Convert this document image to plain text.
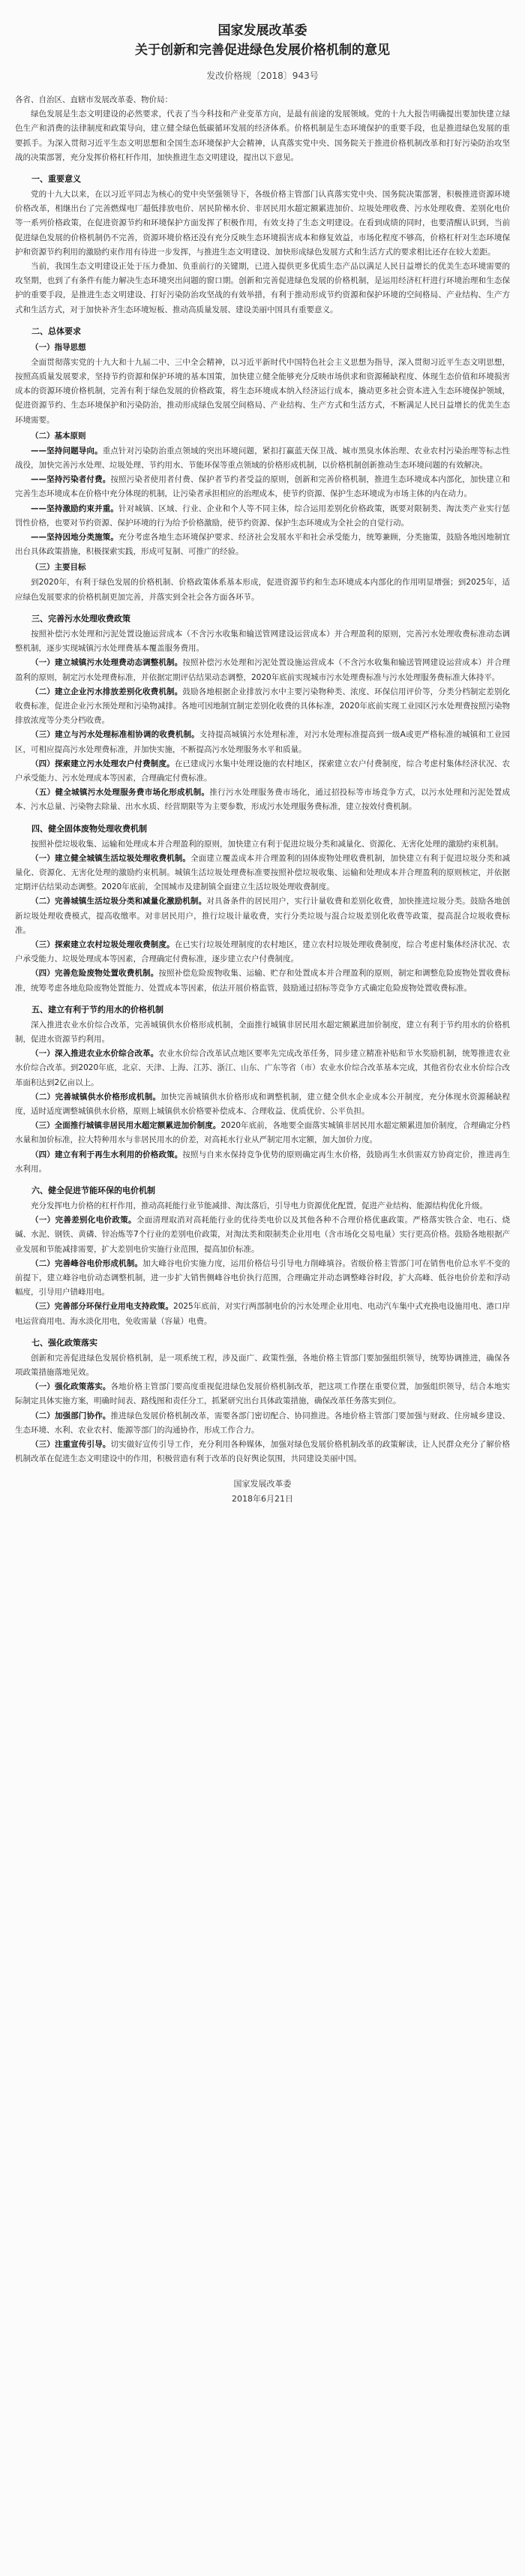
国家发展改革委
关于创新和完善促进绿色发展价格机制的意见
发改价格规〔2018〕943号

各省、自治区、直辖市发展改革委、物价局：

绿色发展是生态文明建设的必然要求，代表了当今科技和产业变革方向，是最有前途的发展领域。党的十九大报告明确提出要加快建立绿色生产和消费的法律制度和政策导向，建立健全绿色低碳循环发展的经济体系。价格机制是生态环境保护的重要手段，也是推进绿色发展的重要抓手。为深入贯彻习近平生态文明思想和全国生态环境保护大会精神，认真落实党中央、国务院关于推进价格机制改革和打好污染防治攻坚战的决策部署，充分发挥价格杠杆作用，加快推进生态文明建设，提出以下意见。

一、重要意义

党的十九大以来，在以习近平同志为核心的党中央坚强领导下，各级价格主管部门认真落实党中央、国务院决策部署，积极推进资源环境价格改革，相继出台了完善燃煤电厂超低排放电价、居民阶梯水价、非居民用水超定额累进加价、垃圾处理收费、污水处理收费、差别化电价等一系列价格政策，在促进资源节约和环境保护方面发挥了积极作用，有效支持了生态文明建设。在看到成绩的同时，也要清醒认识到，当前促进绿色发展的价格机制仍不完善，资源环境价格还没有充分反映生态环境损害成本和修复效益，市场化程度不够高，价格杠杆对生态环境保护和资源节约利用的激励约束作用有待进一步发挥，与推进生态文明建设、加快形成绿色发展方式和生活方式的要求相比还存在较大差距。

当前，我国生态文明建设正处于压力叠加、负重前行的关键期，已进入提供更多优质生态产品以满足人民日益增长的优美生态环境需要的攻坚期，也到了有条件有能力解决生态环境突出问题的窗口期。创新和完善促进绿色发展的价格机制，是运用经济杠杆进行环境治理和生态保护的重要手段，是推进生态文明建设、打好污染防治攻坚战的有效举措，有利于推动形成节约资源和保护环境的空间格局、产业结构、生产方式和生活方式，对于加快补齐生态环境短板、推动高质量发展、建设美丽中国具有重要意义。

二、总体要求
（一）指导思想

全面贯彻落实党的十九大和十九届二中、三中全会精神，以习近平新时代中国特色社会主义思想为指导，深入贯彻习近平生态文明思想，按照高质量发展要求，坚持节约资源和保护环境的基本国策，加快建立健全能够充分反映市场供求和资源稀缺程度、体现生态价值和环境损害成本的资源环境价格机制，完善有利于绿色发展的价格政策，将生态环境成本纳入经济运行成本，撬动更多社会资本进入生态环境保护领域，促进资源节约、生态环境保护和污染防治，推动形成绿色发展空间格局、产业结构、生产方式和生活方式，不断满足人民日益增长的优美生态环境需要。

（二）基本原则

——坚持问题导向。重点针对污染防治重点领域的突出环境问题，紧扣打赢蓝天保卫战、城市黑臭水体治理、农业农村污染治理等标志性战役，加快完善污水处理、垃圾处理、节约用水、节能环保等重点领域的价格形成机制，以价格机制创新推动生态环境问题的有效解决。

——坚持污染者付费。按照污染者使用者付费、保护者节约者受益的原则，创新和完善价格机制，推进生态环境成本内部化，加快建立和完善生态环境成本在价格中充分体现的机制，让污染者承担相应的治理成本，使节约资源、保护生态环境成为市场主体的内在动力。

——坚持激励约束并重。针对城镇、区域、行业、企业和个人等不同主体，综合运用差别化价格政策，既要对限制类、淘汰类产业实行惩罚性价格，也要对节约资源、保护环境的行为给予价格激励，使节约资源、保护生态环境成为全社会的自觉行动。

——坚持因地分类施策。充分考虑各地生态环境保护要求、经济社会发展水平和社会承受能力，统筹兼顾，分类施策，鼓励各地因地制宜出台具体政策措施，积极探索实践，形成可复制、可推广的经验。

（三）主要目标

到2020年，有利于绿色发展的价格机制、价格政策体系基本形成，促进资源节约和生态环境成本内部化的作用明显增强；到2025年，适应绿色发展要求的价格机制更加完善，并落实到全社会各方面各环节。

三、完善污水处理收费政策

按照补偿污水处理和污泥处置设施运营成本（不含污水收集和输送管网建设运营成本）并合理盈利的原则，完善污水处理收费标准动态调整机制，逐步实现城镇污水处理费基本覆盖服务费用。

（一）建立城镇污水处理费动态调整机制。按照补偿污水处理和污泥处置设施运营成本（不含污水收集和输送管网建设运营成本）并合理盈利的原则，制定污水处理费标准，并依据定期评估结果动态调整，2020年底前实现城市污水处理费标准与污水处理服务费标准大体持平。

（二）建立企业污水排放差别化收费机制。鼓励各地根据企业排放污水中主要污染物种类、浓度、环保信用评价等，分类分档制定差别化收费标准，促进企业污水预处理和污染物减排。各地可因地制宜制定差别化收费的具体标准，2020年底前实现工业园区污水处理费按照污染物排放浓度等分类分档收费。

（三）建立与污水处理标准相协调的收费机制。支持提高城镇污水处理标准，对污水处理标准提高到一级A或更严格标准的城镇和工业园区，可相应提高污水处理费标准，并加快实施，不断提高污水处理服务水平和质量。

（四）探索建立污水处理农户付费制度。在已建成污水集中处理设施的农村地区，探索建立农户付费制度，综合考虑村集体经济状况、农户承受能力、污水处理成本等因素，合理确定付费标准。

（五）健全城镇污水处理服务费市场化形成机制。推行污水处理服务费市场化，通过招投标等市场竞争方式，以污水处理和污泥处置成本、污水总量、污染物去除量、出水水质、经营期限等为主要参数，形成污水处理服务费标准，建立按效付费机制。

四、健全固体废物处理收费机制

按照补偿垃圾收集、运输和处理成本并合理盈利的原则，加快建立有利于促进垃圾分类和减量化、资源化、无害化处理的激励约束机制。

（一）建立健全城镇生活垃圾处理收费机制。全面建立覆盖成本并合理盈利的固体废物处理收费机制，加快建立有利于促进垃圾分类和减量化、资源化、无害化处理的激励约束机制。城镇生活垃圾处理费标准要按照补偿垃圾收集、运输和处理成本并合理盈利的原则核定，并依据定期评估结果动态调整。2020年底前，全国城市及建制镇全面建立生活垃圾处理收费制度。

（二）完善城镇生活垃圾分类和减量化激励机制。对具备条件的居民用户，实行计量收费和差别化收费，加快推进垃圾分类。鼓励各地创新垃圾处理收费模式，提高收缴率。对非居民用户，推行垃圾计量收费，实行分类垃圾与混合垃圾差别化收费等政策，提高混合垃圾收费标准。

（三）探索建立农村垃圾处理收费制度。在已实行垃圾处理制度的农村地区，建立农村垃圾处理收费制度，综合考虑村集体经济状况、农户承受能力、垃圾处理成本等因素，合理确定付费标准，逐步建立农户付费制度。

（四）完善危险废物处置收费机制。按照补偿危险废物收集、运输、贮存和处置成本并合理盈利的原则，制定和调整危险废物处置收费标准，统筹考虑各地危险废物处置能力、处置成本等因素，依法开展价格监管，鼓励通过招标等竞争方式确定危险废物处置收费标准。

五、建立有利于节约用水的价格机制

深入推进农业水价综合改革，完善城镇供水价格形成机制，全面推行城镇非居民用水超定额累进加价制度，建立有利于节约用水的价格机制，促进水资源节约利用。

（一）深入推进农业水价综合改革。农业水价综合改革试点地区要率先完成改革任务，同步建立精准补贴和节水奖励机制，统筹推进农业水价综合改革。到2020年底，北京、天津、上海、江苏、浙江、山东、广东等省（市）农业水价综合改革基本完成，其他省份农业水价综合改革面积达到2亿亩以上。

（二）完善城镇供水价格形成机制。加快完善城镇供水价格形成和调整机制，建立健全供水企业成本公开制度，充分体现水资源稀缺程度，适时适度调整城镇供水价格，原则上城镇供水价格要补偿成本、合理收益、优质优价、公平负担。

（三）全面推行城镇非居民用水超定额累进加价制度。2020年底前，各地要全面落实城镇非居民用水超定额累进加价制度，合理确定分档水量和加价标准，拉大特种用水与非居民用水的价差，对高耗水行业从严制定用水定额，加大加价力度。

（四）建立有利于再生水利用的价格政策。按照与自来水保持竞争优势的原则确定再生水价格，鼓励再生水供需双方协商定价，推进再生水利用。

六、健全促进节能环保的电价机制

充分发挥电力价格的杠杆作用，推动高耗能行业节能减排、淘汰落后，引导电力资源优化配置，促进产业结构、能源结构优化升级。

（一）完善差别化电价政策。全面清理取消对高耗能行业的优待类电价以及其他各种不合理价格优惠政策。严格落实铁合金、电石、烧碱、水泥、钢铁、黄磷、锌冶炼等7个行业的差别电价政策，对淘汰类和限制类企业用电（含市场化交易电量）实行更高价格。鼓励各地根据产业发展和节能减排需要，扩大差别电价实施行业范围，提高加价标准。

（二）完善峰谷电价形成机制。加大峰谷电价实施力度，运用价格信号引导电力削峰填谷。省级价格主管部门可在销售电价总水平不变的前提下，建立峰谷电价动态调整机制，进一步扩大销售侧峰谷电价执行范围，合理确定并动态调整峰谷时段，扩大高峰、低谷电价价差和浮动幅度，引导用户错峰用电。

（三）完善部分环保行业用电支持政策。2025年底前，对实行两部制电价的污水处理企业用电、电动汽车集中式充换电设施用电、港口岸电运营商用电、海水淡化用电，免收需量（容量）电费。

七、强化政策落实

创新和完善促进绿色发展价格机制，是一项系统工程，涉及面广、政策性强，各地价格主管部门要加强组织领导，统筹协调推进，确保各项政策措施落地见效。

（一）强化政策落实。各地价格主管部门要高度重视促进绿色发展价格机制改革，把这项工作摆在重要位置，加强组织领导，结合本地实际制定具体实施方案，明确时间表、路线图和责任分工，抓紧研究出台具体政策措施，确保改革任务落实到位。

（二）加强部门协作。推进绿色发展价格机制改革，需要各部门密切配合、协同推进。各地价格主管部门要加强与财政、住房城乡建设、生态环境、水利、农业农村、能源等部门的沟通协作，形成工作合力。

（三）注重宣传引导。切实做好宣传引导工作，充分利用各种媒体，加强对绿色发展价格机制改革的政策解读，让人民群众充分了解价格机制改革在促进生态文明建设中的作用，积极营造有利于改革的良好舆论氛围，共同建设美丽中国。

国家发展改革委
2018年6月21日
